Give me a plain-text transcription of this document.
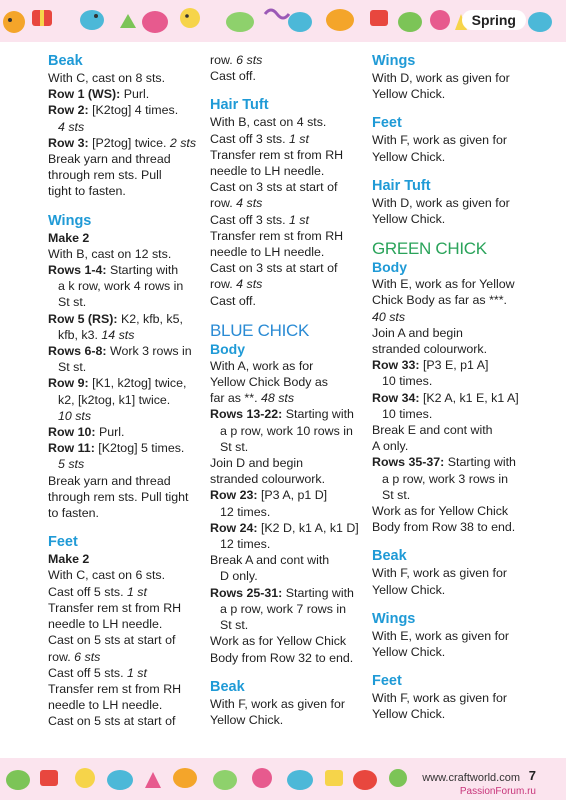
Spring
Beak
With C, cast on 8 sts.
Row 1 (WS): Purl.
Row 2: [K2tog] 4 times.
4 sts
Row 3: [P2tog] twice. 2 sts
Break yarn and thread
through rem sts. Pull
tight to fasten.
Wings
Make 2
With B, cast on 12 sts.
Rows 1-4: Starting with
a k row, work 4 rows in
St st.
Row 5 (RS): K2, kfb, k5,
kfb, k3. 14 sts
Rows 6-8: Work 3 rows in
St st.
Row 9: [K1, k2tog] twice,
k2, [k2tog, k1] twice.
10 sts
Row 10: Purl.
Row 11: [K2tog] 5 times.
5 sts
Break yarn and thread
through rem sts. Pull tight
to fasten.
Feet
Make 2
With C, cast on 6 sts.
Cast off 5 sts. 1 st
Transfer rem st from RH
needle to LH needle.
Cast on 5 sts at start of
row. 6 sts
Cast off 5 sts. 1 st
Transfer rem st from RH
needle to LH needle.
Cast on 5 sts at start of
row. 6 sts
Cast off.
Hair Tuft
With B, cast on 4 sts.
Cast off 3 sts. 1 st
Transfer rem st from RH
needle to LH needle.
Cast on 3 sts at start of
row. 4 sts
Cast off 3 sts. 1 st
Transfer rem st from RH
needle to LH needle.
Cast on 3 sts at start of
row. 4 sts
Cast off.
BLUE CHICK
Body
With A, work as for
Yellow Chick Body as
far as **. 48 sts
Rows 13-22: Starting with
a p row, work 10 rows in
St st.
Join D and begin
stranded colourwork.
Row 23: [P3 A, p1 D]
12 times.
Row 24: [K2 D, k1 A, k1 D]
12 times.
Break A and cont with
D only.
Rows 25-31: Starting with
a p row, work 7 rows in
St st.
Work as for Yellow Chick
Body from Row 32 to end.
Beak
With F, work as given for
Yellow Chick.
Wings
With D, work as given for
Yellow Chick.
Feet
With F, work as given for
Yellow Chick.
Hair Tuft
With D, work as given for
Yellow Chick.
GREEN CHICK
Body
With E, work as for Yellow
Chick Body as far as ***.
40 sts
Join A and begin
stranded colourwork.
Row 33: [P3 E, p1 A]
10 times.
Row 34: [K2 A, k1 E, k1 A]
10 times.
Break E and cont with
A only.
Rows 35-37: Starting with
a p row, work 3 rows in
St st.
Work as for Yellow Chick
Body from Row 38 to end.
Beak
With F, work as given for
Yellow Chick.
Wings
With E, work as given for
Yellow Chick.
Feet
With F, work as given for
Yellow Chick.
www.craftworld.com 7
PassionForum.ru
